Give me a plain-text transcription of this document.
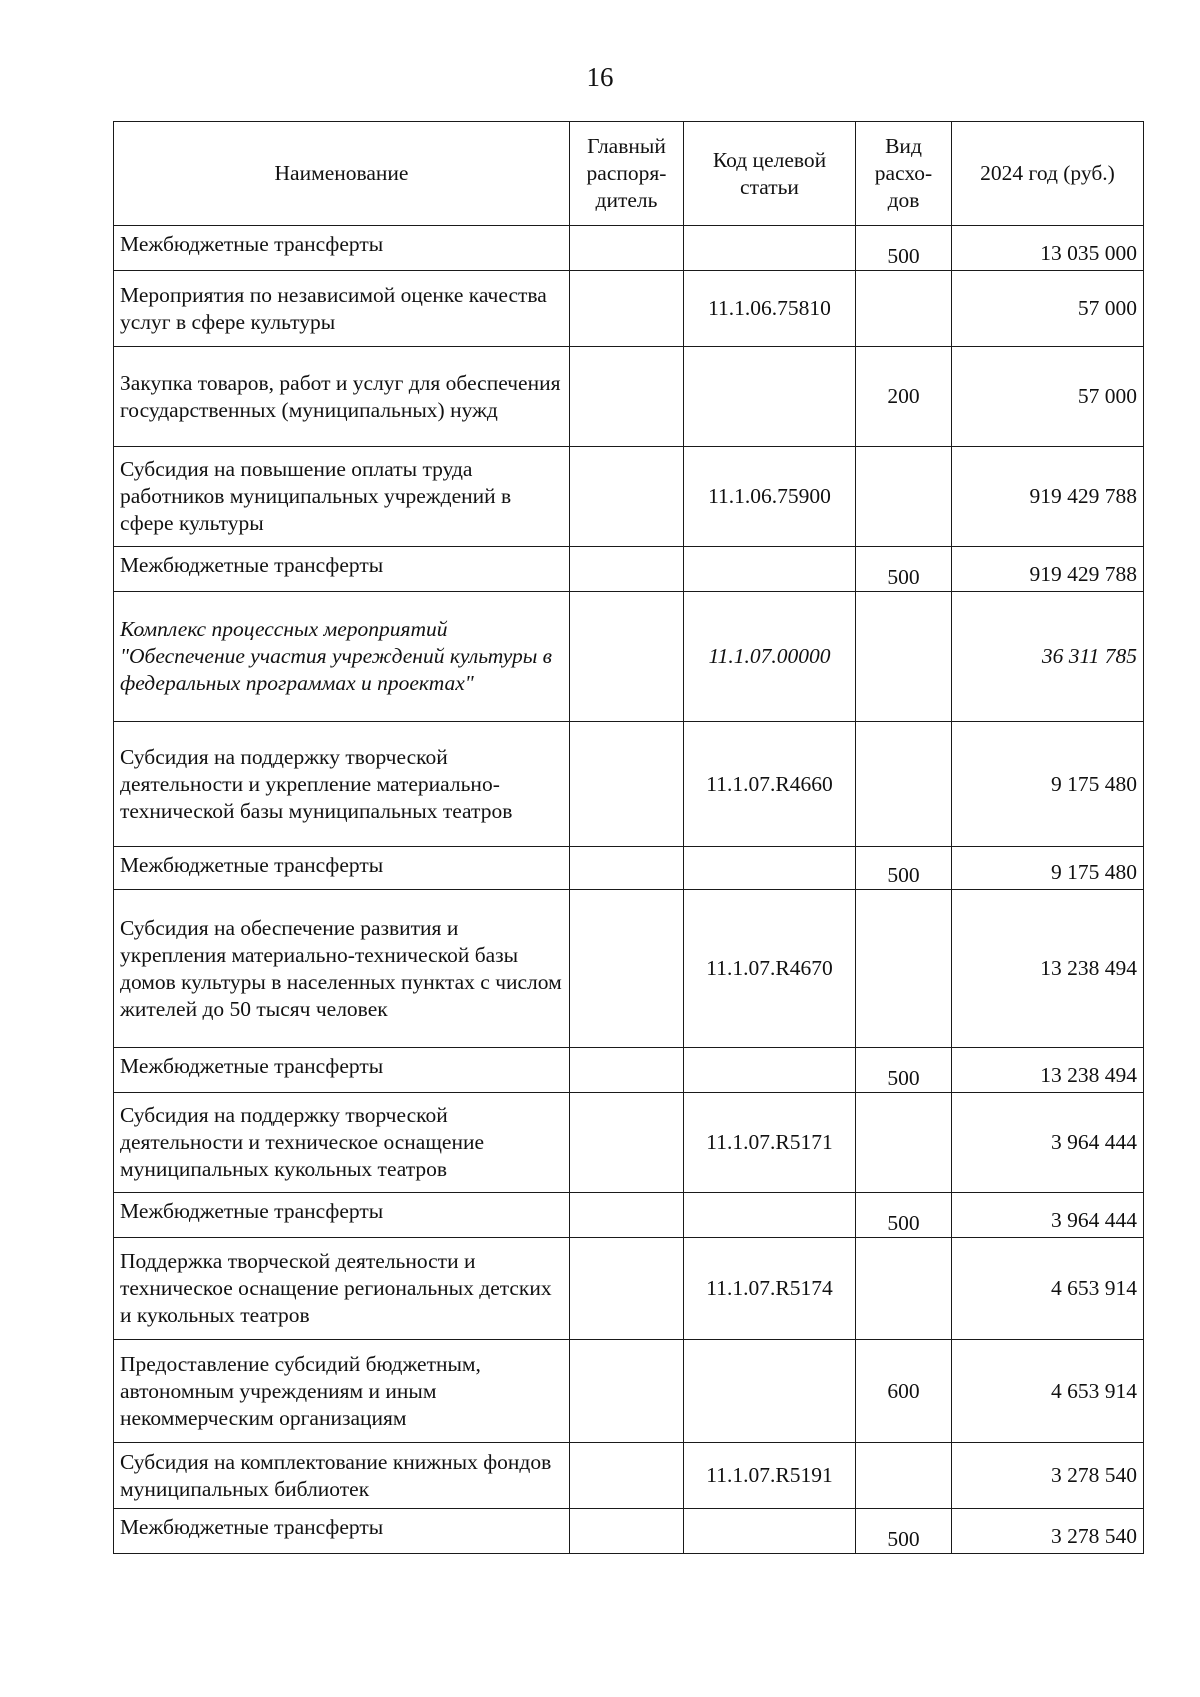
16
Наименование	Главный распоря-дитель	Код целевой статьи	Вид расхо-дов	2024 год (руб.)
Межбюджетные трансферты			500	13 035 000
Мероприятия по независимой оценке качества услуг в сфере культуры		11.1.06.75810		57 000
Закупка товаров, работ и услуг для обеспечения государственных (муниципальных) нужд			200	57 000
Субсидия на повышение оплаты труда работников муниципальных учреждений в сфере культуры		11.1.06.75900		919 429 788
Межбюджетные трансферты			500	919 429 788
Комплекс процессных мероприятий "Обеспечение участия учреждений культуры в федеральных программах и проектах"		11.1.07.00000		36 311 785
Субсидия на поддержку творческой деятельности и укрепление материально-технической базы муниципальных театров		11.1.07.R4660		9 175 480
Межбюджетные трансферты			500	9 175 480
Субсидия на обеспечение развития и укрепления материально-технической базы домов культуры в населенных пунктах с числом жителей до 50 тысяч человек		11.1.07.R4670		13 238 494
Межбюджетные трансферты			500	13 238 494
Субсидия на поддержку творческой деятельности и техническое оснащение муниципальных кукольных театров		11.1.07.R5171		3 964 444
Межбюджетные трансферты			500	3 964 444
Поддержка творческой деятельности и техническое оснащение региональных детских и кукольных театров		11.1.07.R5174		4 653 914
Предоставление субсидий бюджетным, автономным учреждениям и иным некоммерческим организациям			600	4 653 914
Субсидия на комплектование книжных фондов муниципальных библиотек		11.1.07.R5191		3 278 540
Межбюджетные трансферты			500	3 278 540
